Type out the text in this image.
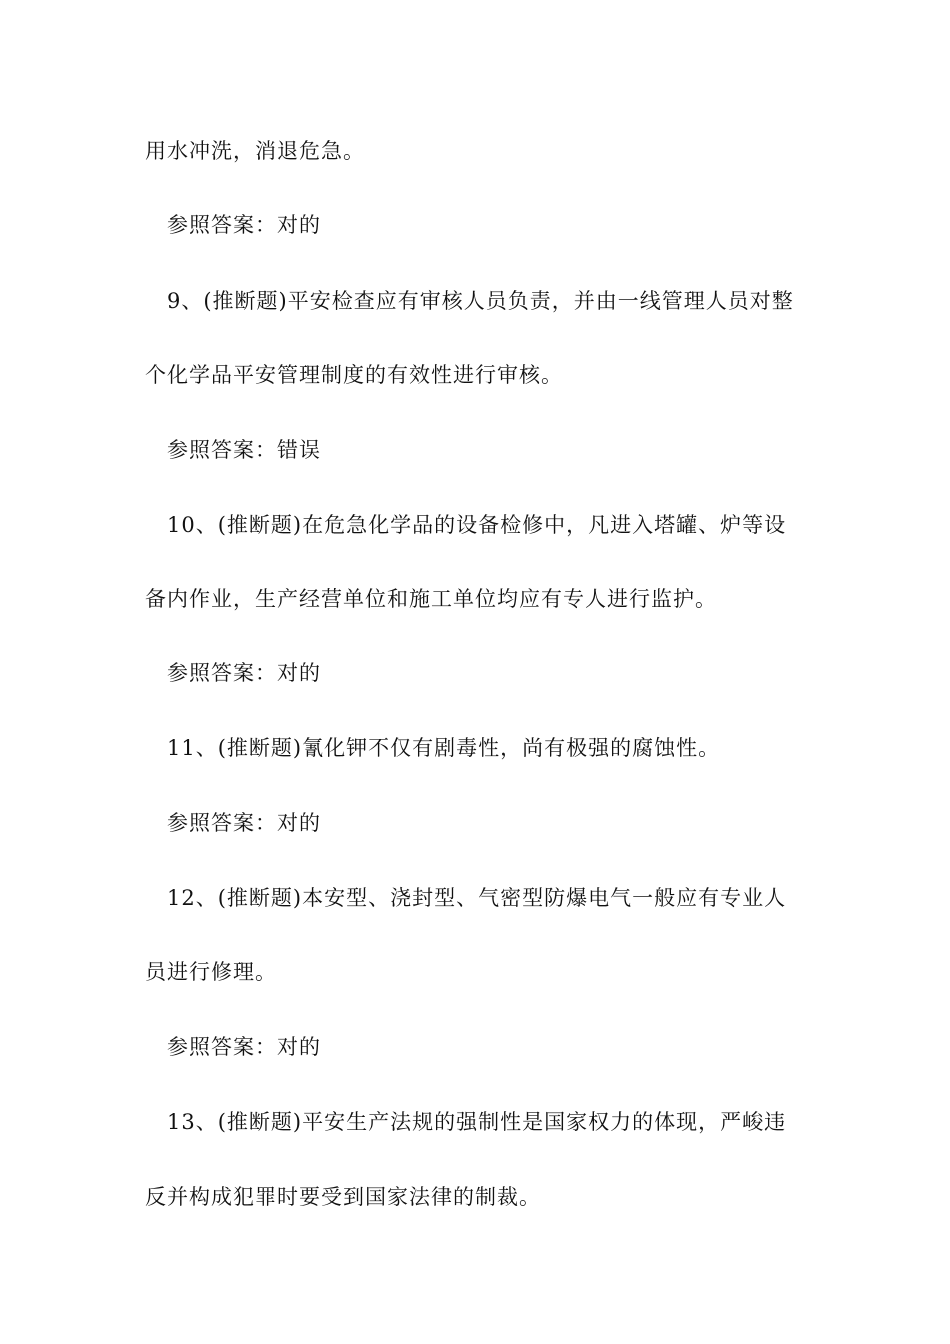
用水冲洗，消退危急。
参照答案：对的
9、(推断题)平安检查应有审核人员负责，并由一线管理人员对整
个化学品平安管理制度的有效性进行审核。
参照答案：错误
10、(推断题)在危急化学品的设备检修中，凡进入塔罐、炉等设
备内作业，生产经营单位和施工单位均应有专人进行监护。
参照答案：对的
11、(推断题)氰化钾不仅有剧毒性，尚有极强的腐蚀性。
参照答案：对的
12、(推断题)本安型、浇封型、气密型防爆电气一般应有专业人
员进行修理。
参照答案：对的
13、(推断题)平安生产法规的强制性是国家权力的体现，严峻违
反并构成犯罪时要受到国家法律的制裁。
